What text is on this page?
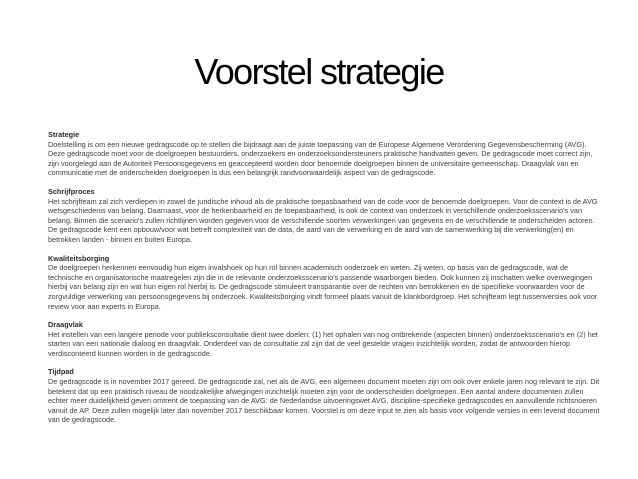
Voorstel strategie
Strategie
Doelstelling is om een nieuwe gedragscode op te stellen die bijdraagt aan de juiste toepassing van de Europese Algemene Verordening Gegevensbescherming (AVG). Deze gedragscode moet voor de doelgroepen bestuurders, onderzoekers en onderzoeksondersteuners praktische handvatten geven. De gedragscode moet correct zijn, zijn voorgelegd aan de Autoriteit Persoonsgegevens en geaccepteerd worden door benoemde doelgroepen binnen de universitaire gemeenschap. Draagvlak van en communicatie met de onderscheiden doelgroepen is dus een belangrijk randvoorwaardelijk aspect van de gedragscode.
Schrijfproces
Het schrijfteam zal zich verdiepen in zowel de juridische inhoud als de praktische toepasbaarheid van de code voor de benoemde doelgroepen. Voor de context is de AVG wetsgeschiedenis van belang. Daarnaast, voor de herkenbaarheid en de toepasbaarheid, is ook de context van onderzoek in verschillende onderzoeksscenario's van belang. Binnen die scenario's zullen richtlijnen worden gegeven voor de verschillende soorten verwerkingen van gegevens en de verschillende te onderscheiden actoren. De gedragscode kent een opbouw/voor wat betreft complexiteit van de data, de aard van de verwerking en de aard van de samenwerking bij die verwerking(en) en betrokken landen - binnen en buiten Europa.
Kwaliteitsborging
De doelgroepen herkennen eenvoudig hun eigen invalshoek op hun rol binnen academisch onderzoek en weten. Zij weten, op basis van de gedragscode, wat de technische en organisatorische maatregelen zijn die in de relevante onderzoeksscenario's passende waarborgen bieden. Ook kunnen zij inschatten welke overwegingen hierbij van belang zijn en wat hun eigen rol hierbij is. De gedragscode stimuleert transparantie over de rechten van betrokkenen en de specifieke voorwaarden voor de zorgvuldige verwerking van persoonsgegevens bij onderzoek. Kwaliteitsborging vindt formeel plaats vanuit de klankbordgroep. Het schrijfteam legt tussenversies ook voor review voor aan experts in Europa.
Draagvlak
Het instellen van een langere periode voor publieksconsultatie dient twee doelen: (1) het ophalen van nog ontbrekende (aspecten binnen) onderzoeksscenario's en (2) het starten van een nationale dialoog en draagvlak. Onderdeel van de consultatie zal zijn dat de veel gestelde vragen inzichtelijk worden, zodat de antwoorden hierop verdisconteerd kunnen worden in de gedragscode.
Tijdpad
De gedragscode is in november 2017 gereed. De gedragscode zal, net als de AVG, een algemeen document moeten zijn om ook over enkele jaren nog relevant te zijn. Dit betekent dat op een praktisch niveau de noodzakelijke afwegingen inzichtelijk moeten zijn voor de onderscheiden doelgroepen. Een aantal andere documenten zullen echter meer duidelijkheid geven omtrent de toepassing van de AVG: de Nederlandse uitvoeringswet AVG, discipline-specifieke gedragscodes en aanvullende richtsnoeren vanuit de AP. Deze zullen mogelijk later dan november 2017 beschikbaar komen. Voorstel is om deze input te zien als basis voor volgende versies in een levend document van de gedragscode.
